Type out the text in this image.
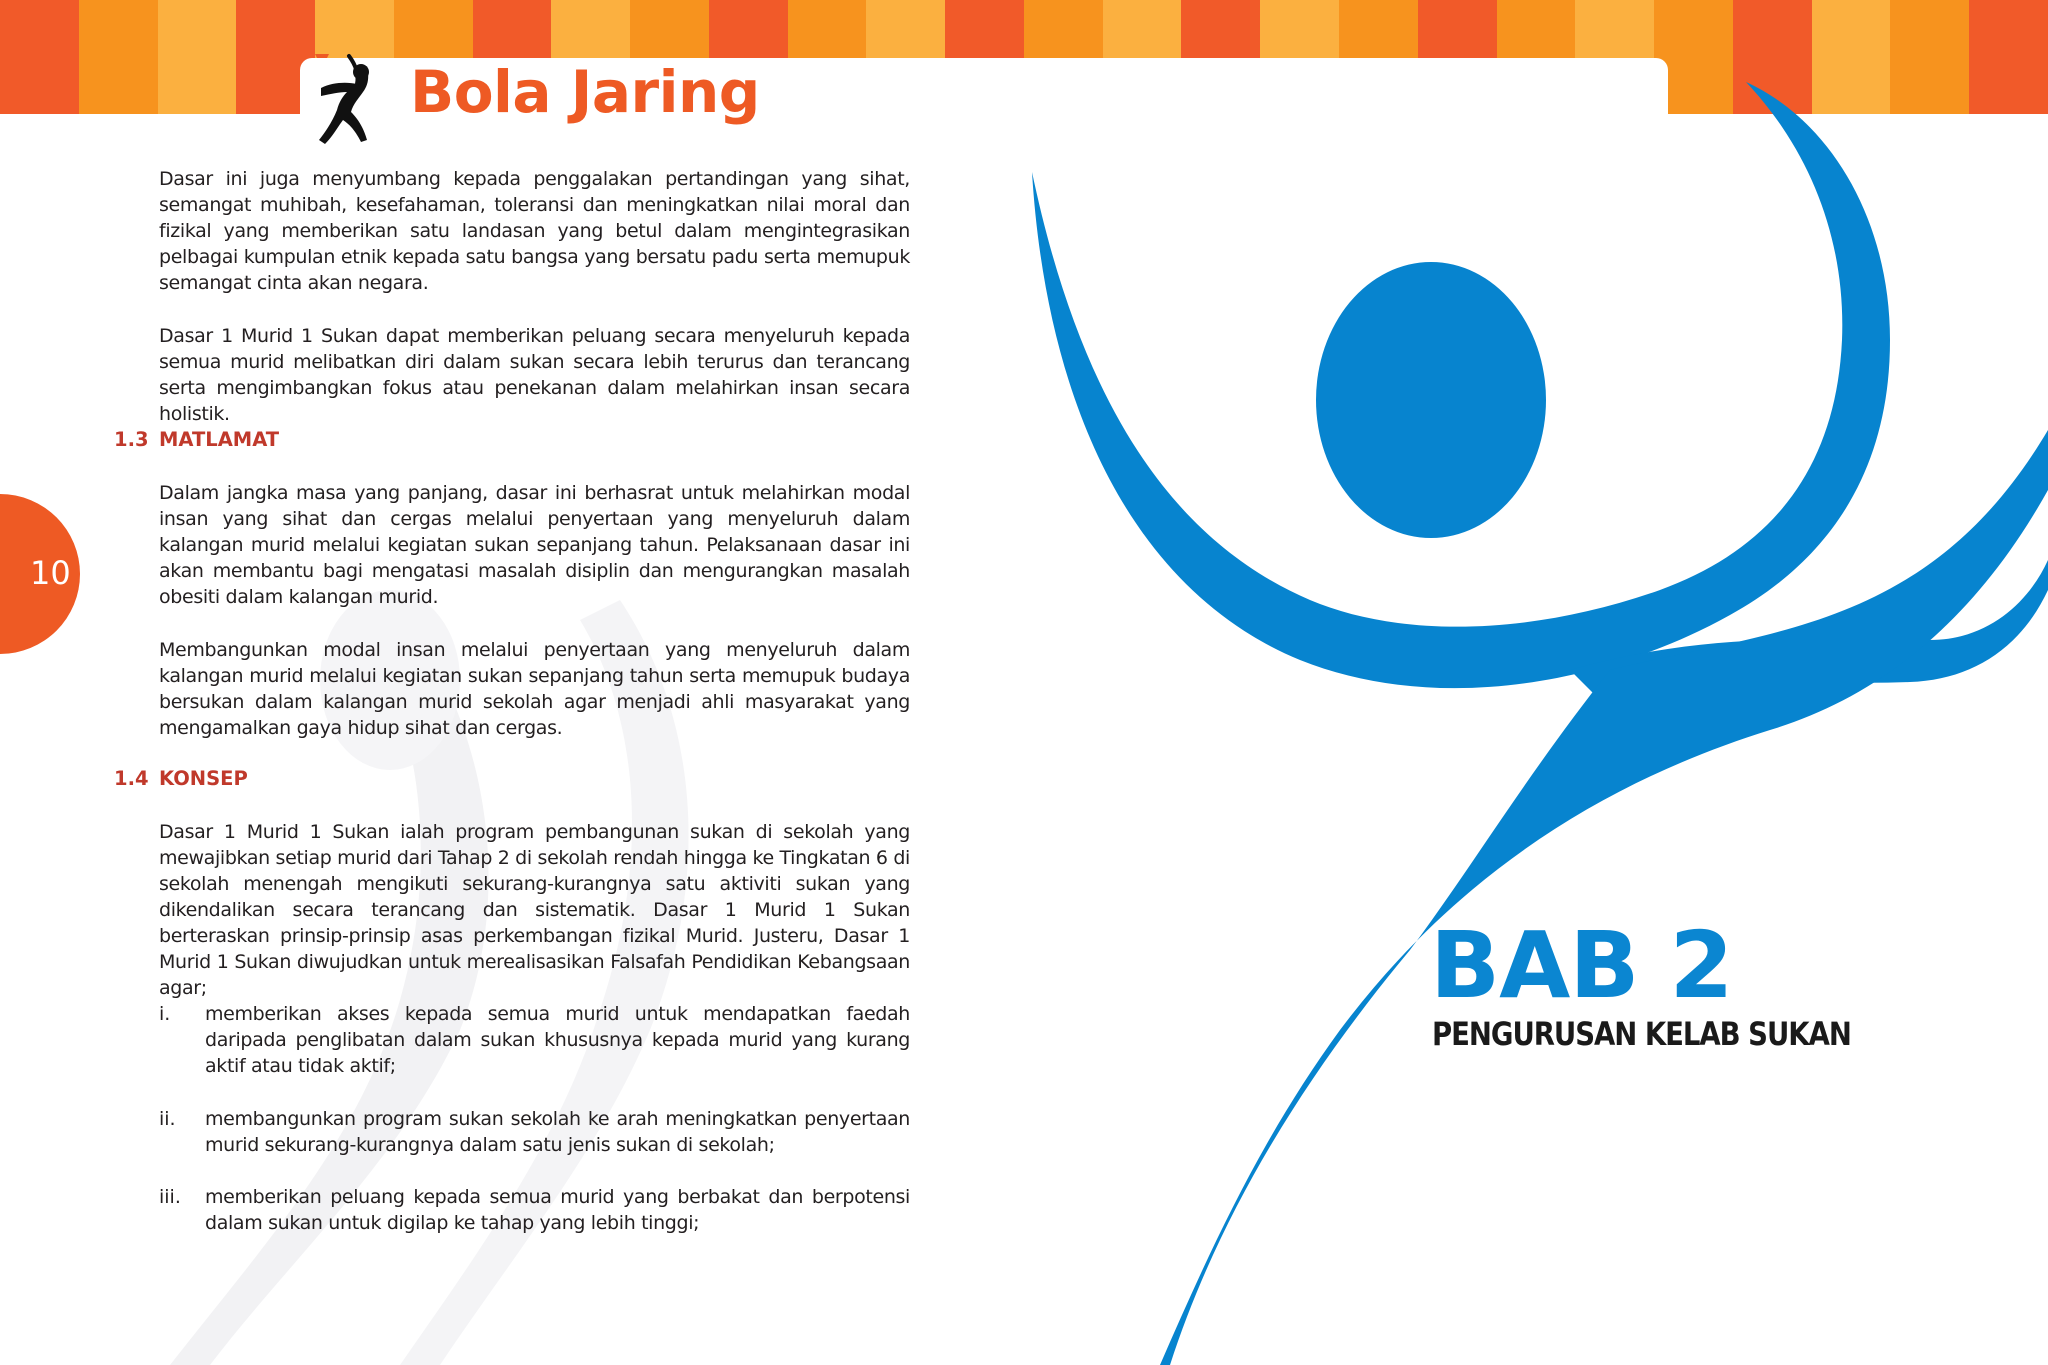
Bola Jaring
10

Dasar ini juga menyumbang kepada penggalakan pertandingan yang sihat, semangat muhibah, kesefahaman, toleransi dan meningkatkan nilai moral dan fizikal yang memberikan satu landasan yang betul dalam mengintegrasikan pelbagai kumpulan etnik kepada satu bangsa yang bersatu padu serta memupuk semangat cinta akan negara.

Dasar 1 Murid 1 Sukan dapat memberikan peluang secara menyeluruh kepada semua murid melibatkan diri dalam sukan secara lebih terurus dan terancang serta mengimbangkan fokus atau penekanan dalam melahirkan insan secara holistik.

1.3 MATLAMAT

Dalam jangka masa yang panjang, dasar ini berhasrat untuk melahirkan modal insan yang sihat dan cergas melalui penyertaan yang menyeluruh dalam kalangan murid melalui kegiatan sukan sepanjang tahun. Pelaksanaan dasar ini akan membantu bagi mengatasi masalah disiplin dan mengurangkan masalah obesiti dalam kalangan murid.

Membangunkan modal insan melalui penyertaan yang menyeluruh dalam kalangan murid melalui kegiatan sukan sepanjang tahun serta memupuk budaya bersukan dalam kalangan murid sekolah agar menjadi ahli masyarakat yang mengamalkan gaya hidup sihat dan cergas.

1.4 KONSEP

Dasar 1 Murid 1 Sukan ialah program pembangunan sukan di sekolah yang mewajibkan setiap murid dari Tahap 2 di sekolah rendah hingga ke Tingkatan 6 di sekolah menengah mengikuti sekurang-kurangnya satu aktiviti sukan yang dikendalikan secara terancang dan sistematik. Dasar 1 Murid 1 Sukan berteraskan prinsip-prinsip asas perkembangan fizikal Murid. Justeru, Dasar 1 Murid 1 Sukan diwujudkan untuk merealisasikan Falsafah Pendidikan Kebangsaan agar;

i.	memberikan akses kepada semua murid untuk mendapatkan faedah daripada penglibatan dalam sukan khususnya kepada murid yang kurang aktif atau tidak aktif;
ii.	membangunkan program sukan sekolah ke arah meningkatkan penyertaan murid sekurang-kurangnya dalam satu jenis sukan di sekolah;
iii.	memberikan peluang kepada semua murid yang berbakat dan berpotensi dalam sukan untuk digilap ke tahap yang lebih tinggi;
BAB 2
PENGURUSAN KELAB SUKAN
